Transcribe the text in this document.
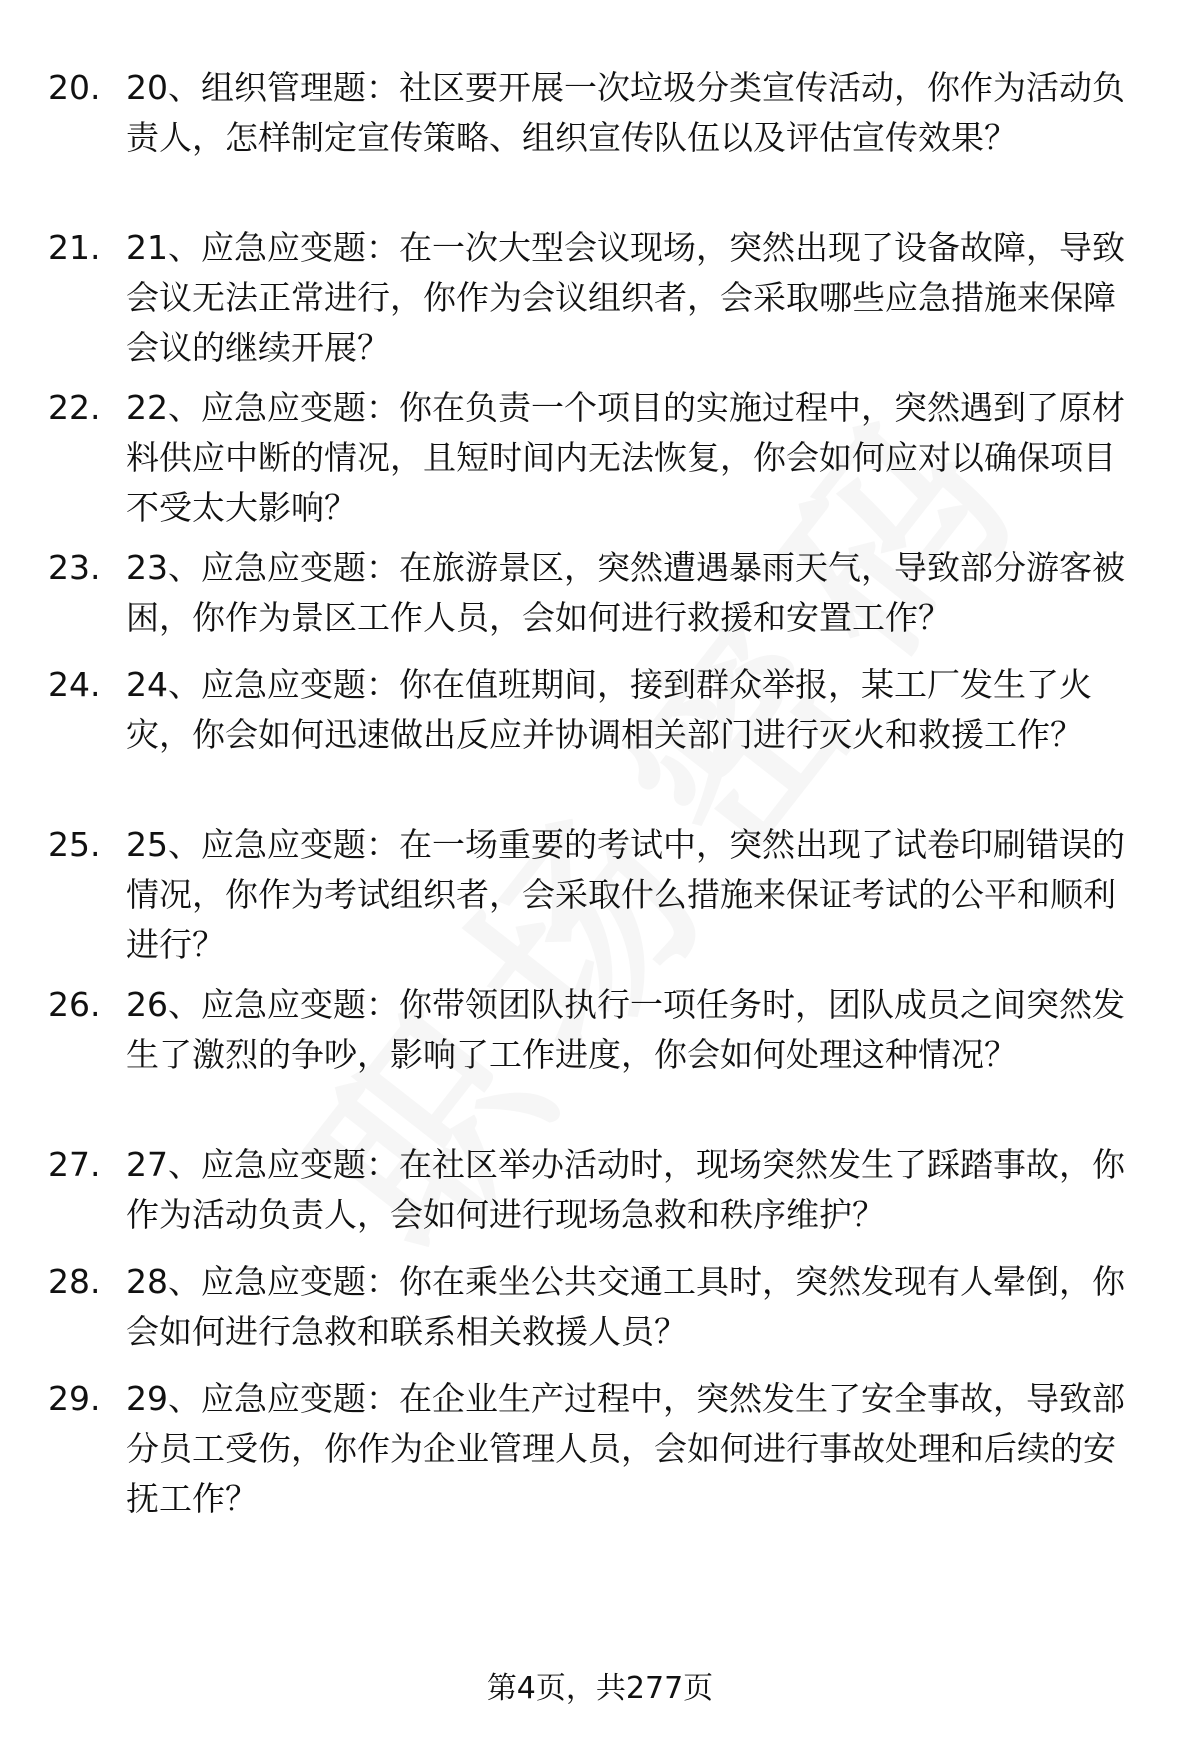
20. 20、组织管理题：社区要开展一次垃圾分类宣传活动，你作为活动负责人，怎样制定宣传策略、组织宣传队伍以及评估宣传效果？
21. 21、应急应变题：在一次大型会议现场，突然出现了设备故障，导致会议无法正常进行，你作为会议组织者，会采取哪些应急措施来保障会议的继续开展？
22. 22、应急应变题：你在负责一个项目的实施过程中，突然遇到了原材料供应中断的情况，且短时间内无法恢复，你会如何应对以确保项目不受太大影响？
23. 23、应急应变题：在旅游景区，突然遭遇暴雨天气，导致部分游客被困，你作为景区工作人员，会如何进行救援和安置工作？
24. 24、应急应变题：你在值班期间，接到群众举报，某工厂发生了火灾，你会如何迅速做出反应并协调相关部门进行灭火和救援工作？
25. 25、应急应变题：在一场重要的考试中，突然出现了试卷印刷错误的情况，你作为考试组织者，会采取什么措施来保证考试的公平和顺利进行？
26. 26、应急应变题：你带领团队执行一项任务时，团队成员之间突然发生了激烈的争吵，影响了工作进度，你会如何处理这种情况？
27. 27、应急应变题：在社区举办活动时，现场突然发生了踩踏事故，你作为活动负责人，会如何进行现场急救和秩序维护？
28. 28、应急应变题：你在乘坐公共交通工具时，突然发现有人晕倒，你会如何进行急救和联系相关救援人员？
29. 29、应急应变题：在企业生产过程中，突然发生了安全事故，导致部分员工受伤，你作为企业管理人员，会如何进行事故处理和后续的安抚工作？
第4页，共277页
